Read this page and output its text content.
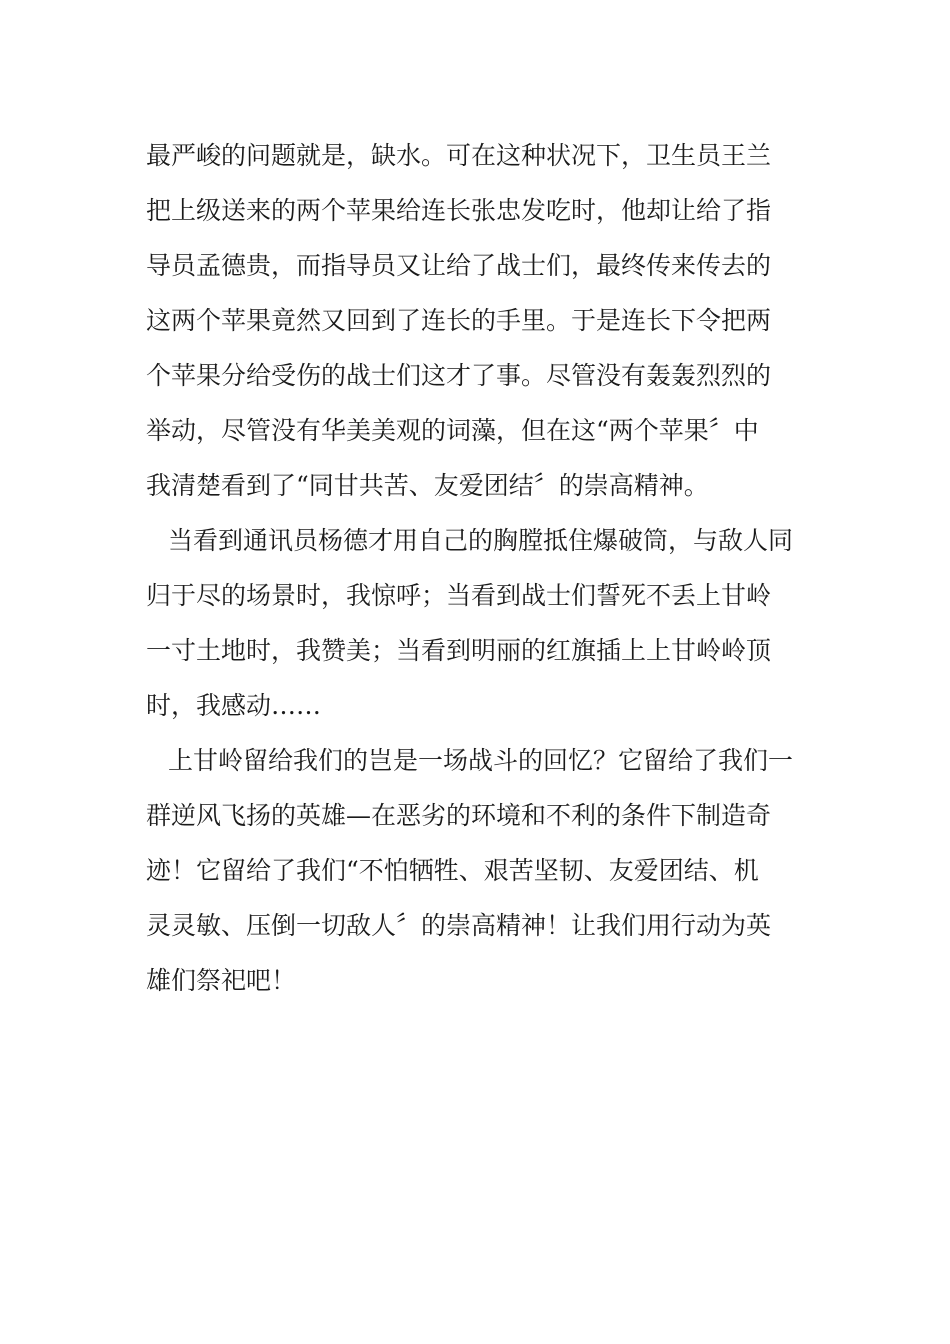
最严峻的问题就是，缺水。可在这种状况下，卫生员王兰
把上级送来的两个苹果给连长张忠发吃时，他却让给了指
导员孟德贵，而指导员又让给了战士们，最终传来传去的
这两个苹果竟然又回到了连长的手里。于是连长下令把两
个苹果分给受伤的战士们这才了事。尽管没有轰轰烈烈的
举动，尽管没有华美美观的词藻，但在这“两个苹果〞中
我清楚看到了“同甘共苦、友爱团结〞的崇高精神。
当看到通讯员杨德才用自己的胸膛抵住爆破筒，与敌人同
归于尽的场景时，我惊呼；当看到战士们誓死不丢上甘岭
一寸土地时，我赞美；当看到明丽的红旗插上上甘岭岭顶
时，我感动……
上甘岭留给我们的岂是一场战斗的回忆？它留给了我们一
群逆风飞扬的英雄—在恶劣的环境和不利的条件下制造奇
迹！它留给了我们“不怕牺牲、艰苦坚韧、友爱团结、机
灵灵敏、压倒一切敌人〞的崇高精神！让我们用行动为英
雄们祭祀吧！
